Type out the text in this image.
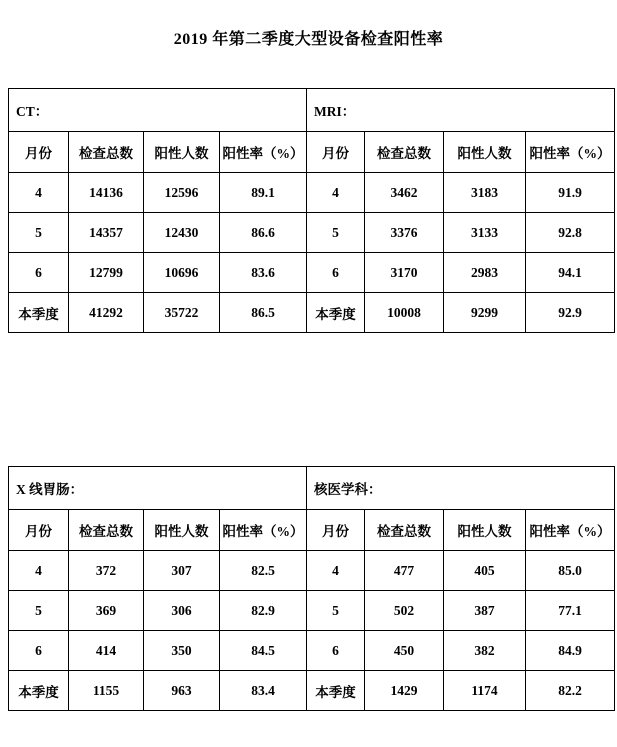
2019 年第二季度大型设备检查阳性率
CT：				MRI：			
月份	检查总数	阳性人数	阳性率（%）	月份	检查总数	阳性人数	阳性率（%）
4	14136	12596	89.1	4	3462	3183	91.9
5	14357	12430	86.6	5	3376	3133	92.8
6	12799	10696	83.6	6	3170	2983	94.1
本季度	41292	35722	86.5	本季度	10008	9299	92.9
X 线胃肠：				核医学科：			
月份	检查总数	阳性人数	阳性率（%）	月份	检查总数	阳性人数	阳性率（%）
4	372	307	82.5	4	477	405	85.0
5	369	306	82.9	5	502	387	77.1
6	414	350	84.5	6	450	382	84.9
本季度	1155	963	83.4	本季度	1429	1174	82.2
